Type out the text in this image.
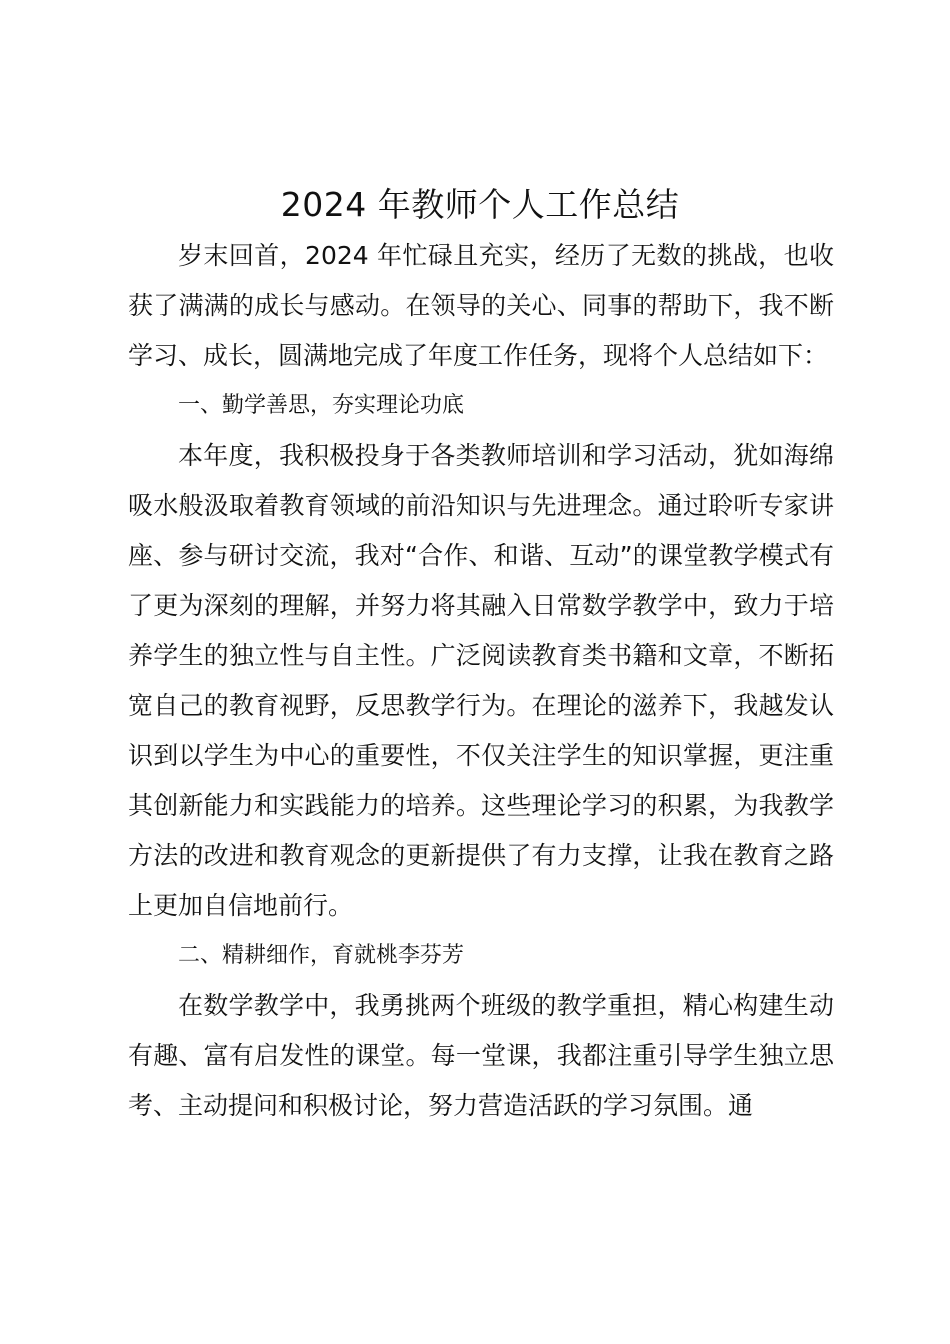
2024 年教师个人工作总结

岁末回首，2024 年忙碌且充实，经历了无数的挑战，也收获了满满的成长与感动。在领导的关心、同事的帮助下，我不断学习、成长，圆满地完成了年度工作任务，现将个人总结如下：

一、勤学善思，夯实理论功底

本年度，我积极投身于各类教师培训和学习活动，犹如海绵吸水般汲取着教育领域的前沿知识与先进理念。通过聆听专家讲座、参与研讨交流，我对“合作、和谐、互动”的课堂教学模式有了更为深刻的理解，并努力将其融入日常数学教学中，致力于培养学生的独立性与自主性。广泛阅读教育类书籍和文章，不断拓宽自己的教育视野，反思教学行为。在理论的滋养下，我越发认识到以学生为中心的重要性，不仅关注学生的知识掌握，更注重其创新能力和实践能力的培养。这些理论学习的积累，为我教学方法的改进和教育观念的更新提供了有力支撑，让我在教育之路上更加自信地前行。

二、精耕细作，育就桃李芬芳

在数学教学中，我勇挑两个班级的教学重担，精心构建生动有趣、富有启发性的课堂。每一堂课，我都注重引导学生独立思考、主动提问和积极讨论，努力营造活跃的学习氛围。通
